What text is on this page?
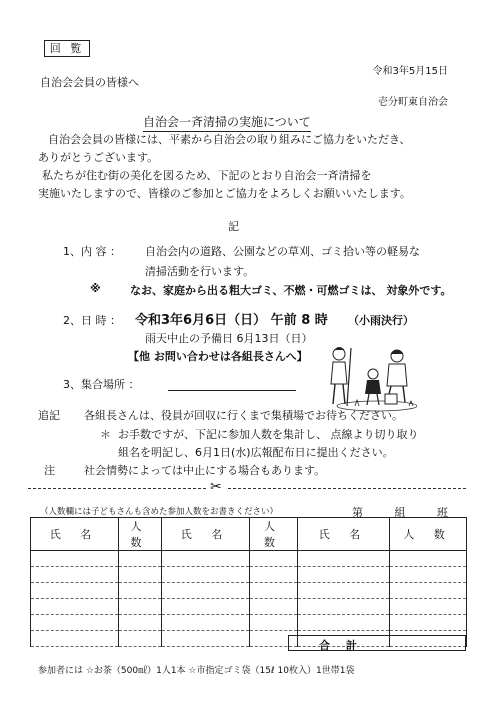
回 覧
令和3年5月15日
自治会会員の皆様へ
壱分町東自治会
自治会一斉清掃の実施について
自治会会員の皆様には、平素から自治会の取り組みにご協力をいただき、
ありがとうございます。
私たちが住む街の美化を図るため、下記のとおり自治会一斉清掃を
実施いたしますので、皆様のご参加とご協力をよろしくお願いいたします。
記
1、内 容 ： 自治会内の道路、公園などの草刈、ゴミ拾い等の軽易な
清掃活動を行います。
※	なお、家庭から出る粗大ゴミ、不燃・可燃ゴミは、 対象外です。
2、日 時 ： 令和3年6月6日（日） 午前 8 時 （小雨決行）
雨天中止の予備日 6月13日（日）
【他 お問い合わせは各組長さんへ】
3、集合場所 ：
追記 各組長さんは、役員が回収に行くまで集積場でお待ちください。
＊ お手数ですが、下記に参加人数を集計し、 点線より切り取り
組名を明記し、6月1日(水)広報配布日に提出ください。
注	社会情勢によっては中止にする場合もあります。
✂
（人数欄には子どもさんも含めた参加人数をお書きください）	第 組 班
氏 名	人 数	氏 名	人 数	氏 名	人 数

合 計
参加者には ☆お茶（500㎖）1人1本 ☆市指定ゴミ袋（15ℓ 10枚入）1世帯1袋
